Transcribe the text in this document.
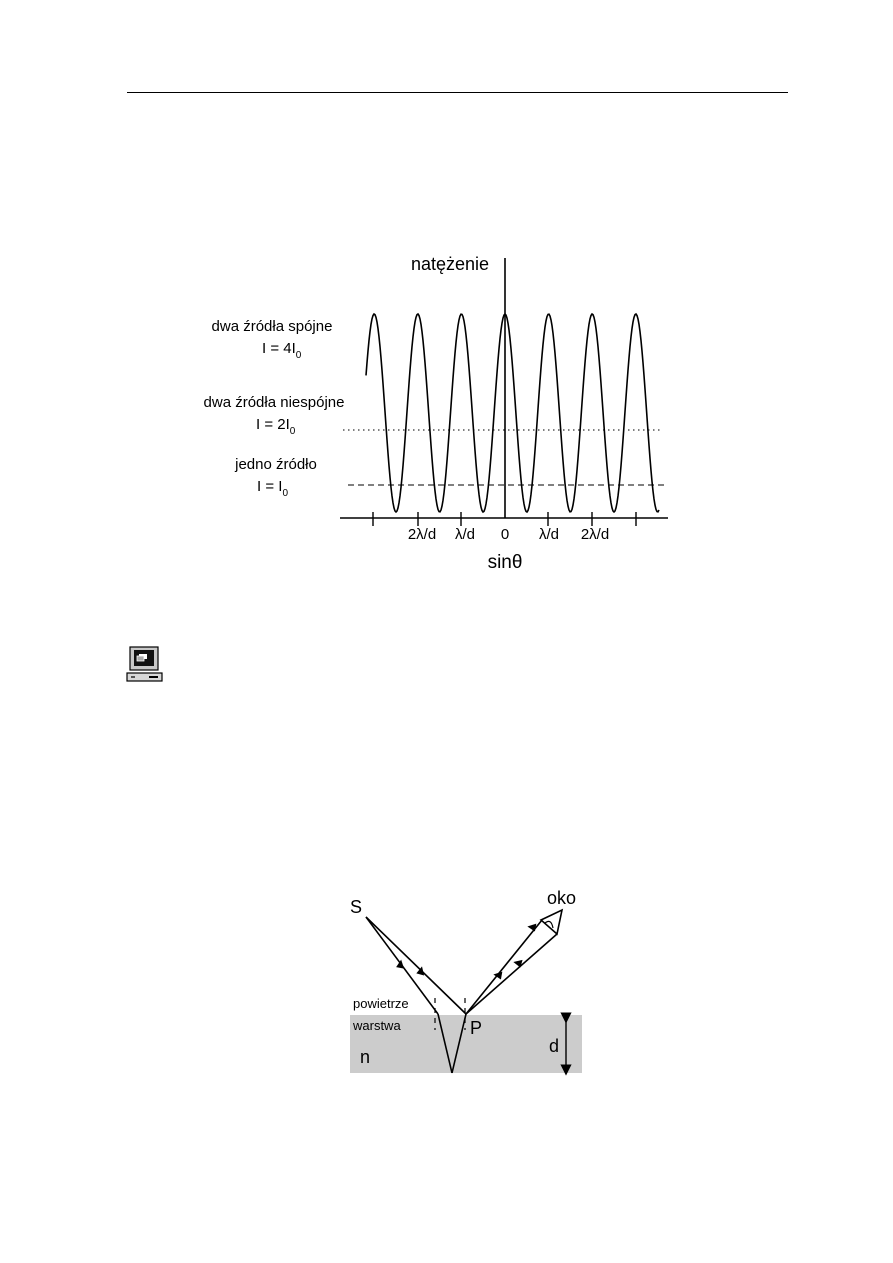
2λ/d λ/d 0 λ/d 2λ/d
natężenie
sinθ
dwa źródła spójne
$I = 4I_0$
dwa źródła niespójne
$I = 2I_0$
jedno źródło
$I = I_0$
S	oko
powietrze
warstwa
n
P
d
